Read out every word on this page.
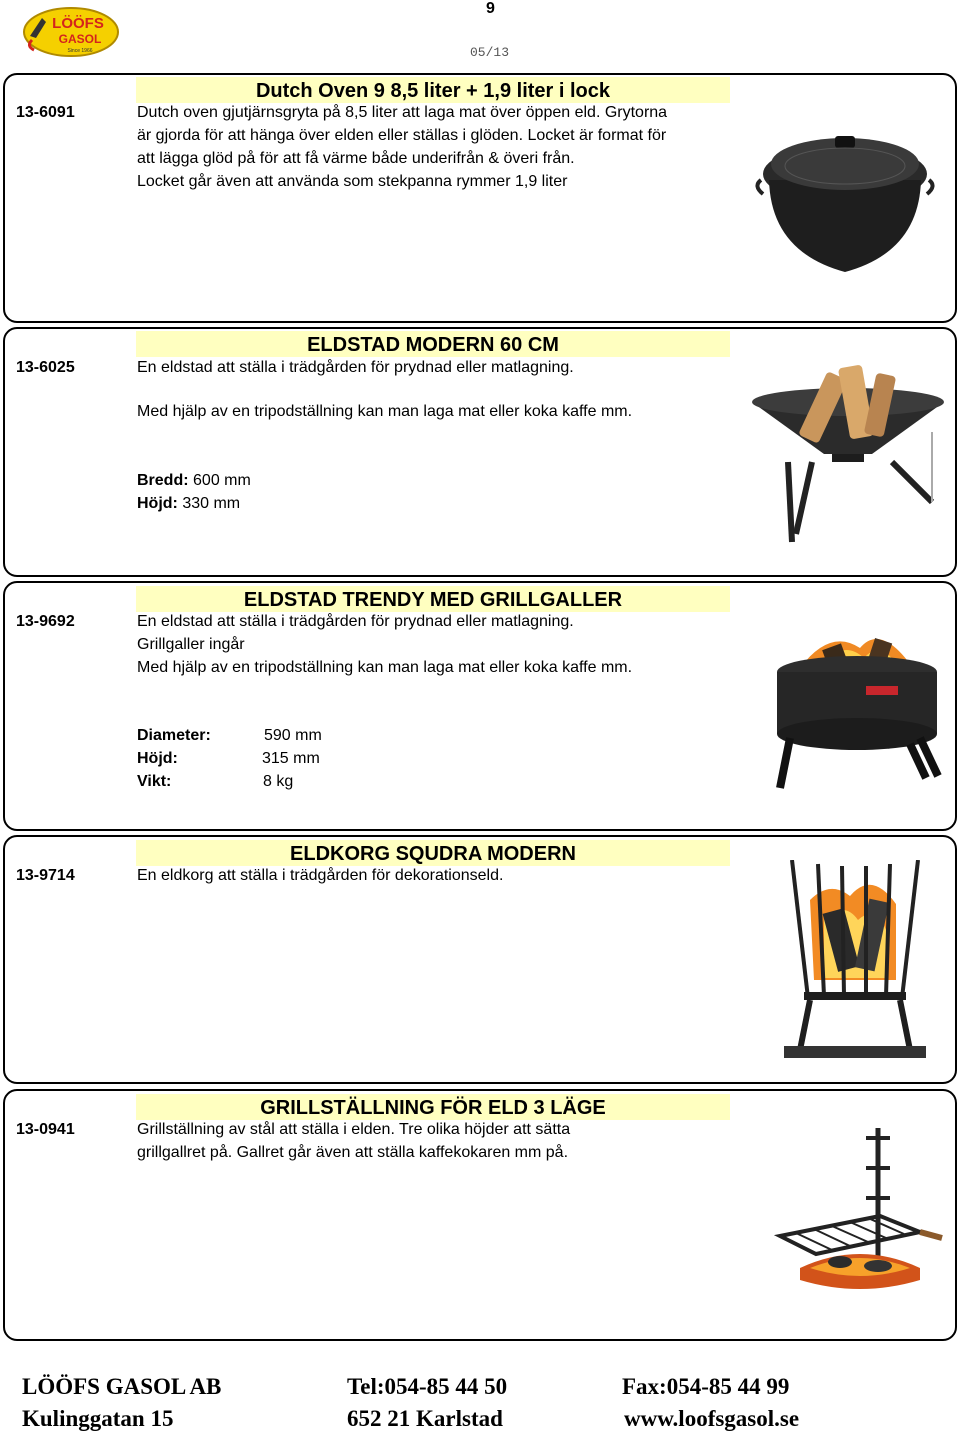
LÖÖFS
GASOL
Since 1966
9
05/13
Dutch Oven 9 8,5 liter + 1,9 liter i lock
13-6091	Dutch oven gjutjärnsgryta på 8,5 liter att laga mat över öppen eld. Grytorna
är gjorda för att hänga över elden eller ställas i glöden. Locket är format för
att lägga glöd på för att få värme både underifrån & överi från.
Locket går även att använda som stekpanna rymmer 1,9 liter
ELDSTAD MODERN 60 CM
13-6025	En eldstad att ställa i trädgården för prydnad eller matlagning.
Med hjälp av en tripodställning kan man laga mat eller koka kaffe mm.
Bredd: 600 mm
Höjd: 330 mm
ELDSTAD TRENDY MED GRILLGALLER
13-9692	En eldstad att ställa i trädgården för prydnad eller matlagning.
Grillgaller ingår
Med hjälp av en tripodställning kan man laga mat eller koka kaffe mm.
Diameter:	590 mm
Höjd:	315 mm
Vikt:	8 kg
ELDKORG SQUDRA MODERN
13-9714	En eldkorg att ställa i trädgården för dekorationseld.
GRILLSTÄLLNING FÖR ELD 3 LÄGE
13-0941	Grillställning av stål att ställa i elden. Tre olika höjder att sätta
grillgallret på. Gallret går även att ställa kaffekokaren mm på.
LÖÖFS GASOL AB
Kulinggatan 15
Tel:054-85 44 50
652 21 Karlstad
Fax:054-85 44 99
www.loofsgasol.se
